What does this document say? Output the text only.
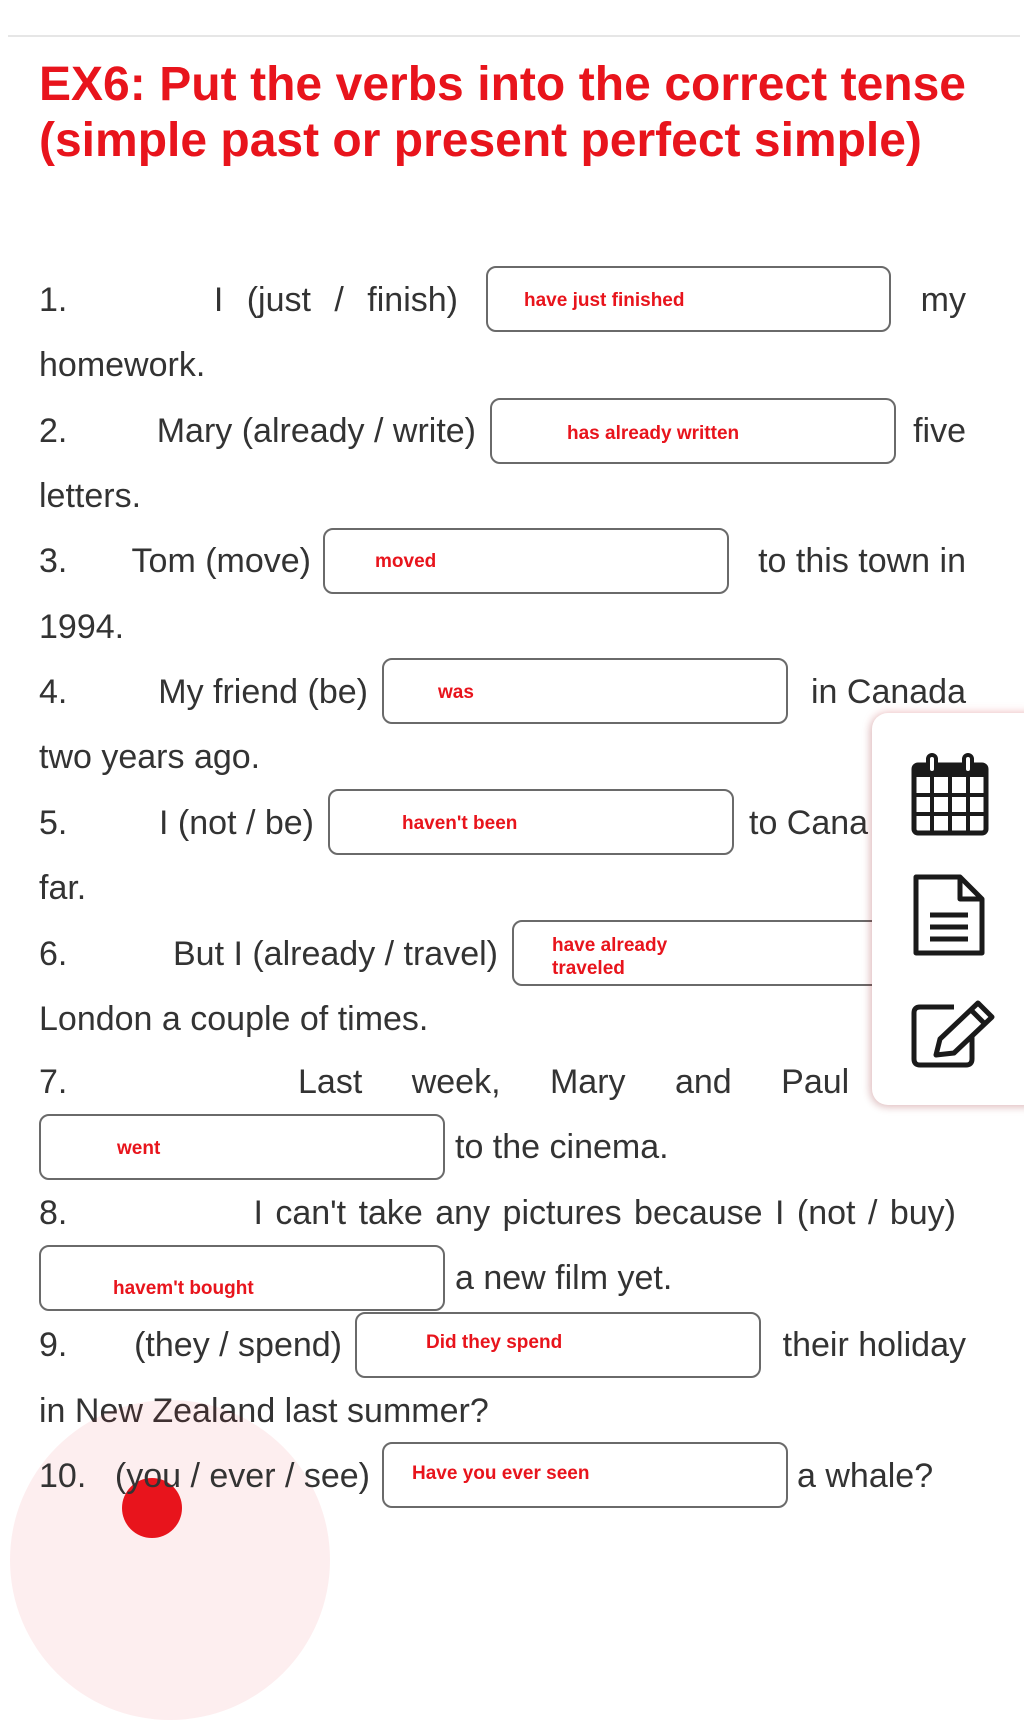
EX6: Put the verbs into the correct tense (simple past or present perfect simple)
1.	I (just / finish)	have just finished	my
homework.
2.	Mary (already / write)	has already written	five
letters.
3.	Tom (move)	moved	to this town in
1994.
4.	My friend (be)	was	in Canada
two years ago.
5.	I (not / be)	haven't been	to Cana
far.
6.	But I (already / travel)	have already
traveled
London a couple of times.
7.	Last week, Mary and Paul
went	to the cinema.
8.	I can't take any pictures because I (not / buy)
havem't bought	a new film yet.
9.	(they / spend)	Did they spend	their holiday
in New Zealand last summer?
10. (you / ever / see) Have you ever seen	a whale?
